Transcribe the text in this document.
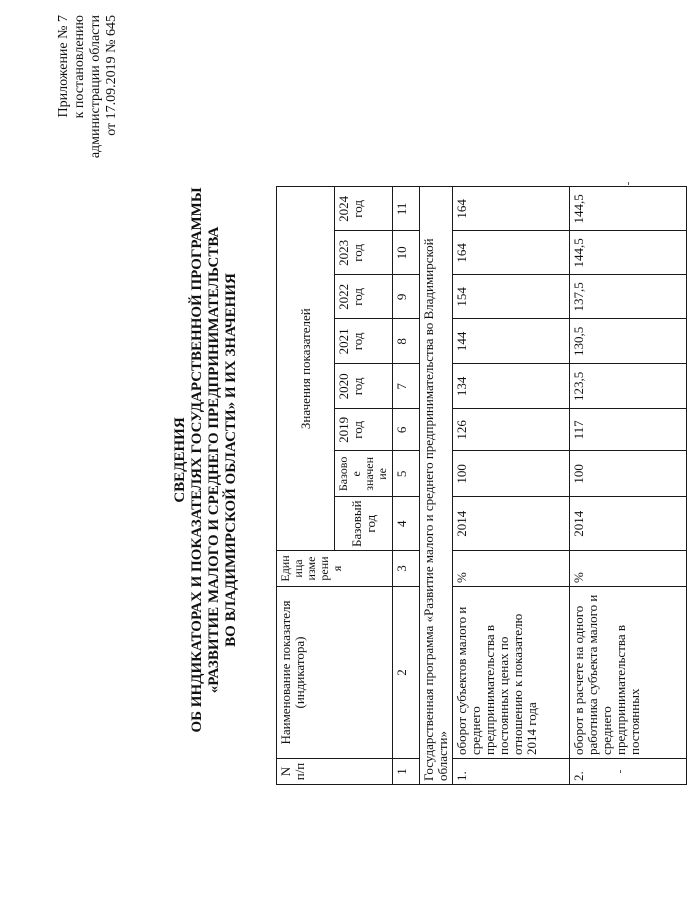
Приложение № 7 к постановлению администрации области от 17.09.2019 № 645
СВЕДЕНИЯ ОБ ИНДИКАТОРАХ И ПОКАЗАТЕЛЯХ ГОСУДАРСТВЕННОЙ ПРОГРАММЫ «РАЗВИТИЕ МАЛОГО И СРЕДНЕГО ПРЕДПРИНИМАТЕЛЬСТВА ВО ВЛАДИМИРСКОЙ ОБЛАСТИ» И ИХ ЗНАЧЕНИЯ
N п/п	Наименование показателя (индикатора)	Един ица изме рени я	Значения показателей							
			Базовый год	Базово е значен ие	2019 год	2020 год	2021 год	2022 год	2023 год	2024 год
1	2	3	4	5	6	7	8	9	10	11
Государственная программа «Развитие малого и среднего предпринимательства во Владимирской области»										
1.	оборот субъектов малого и среднего предпринимательства в постоянных ценах по отношению к показателю 2014 года	%	2014	100	126	134	144	154	164	164
2.	оборот в расчете на одного работника субъекта малого и среднего предпринимательства в постоянных	%	2014	100	117	123,5	130,5	137,5	144,5	144,5
